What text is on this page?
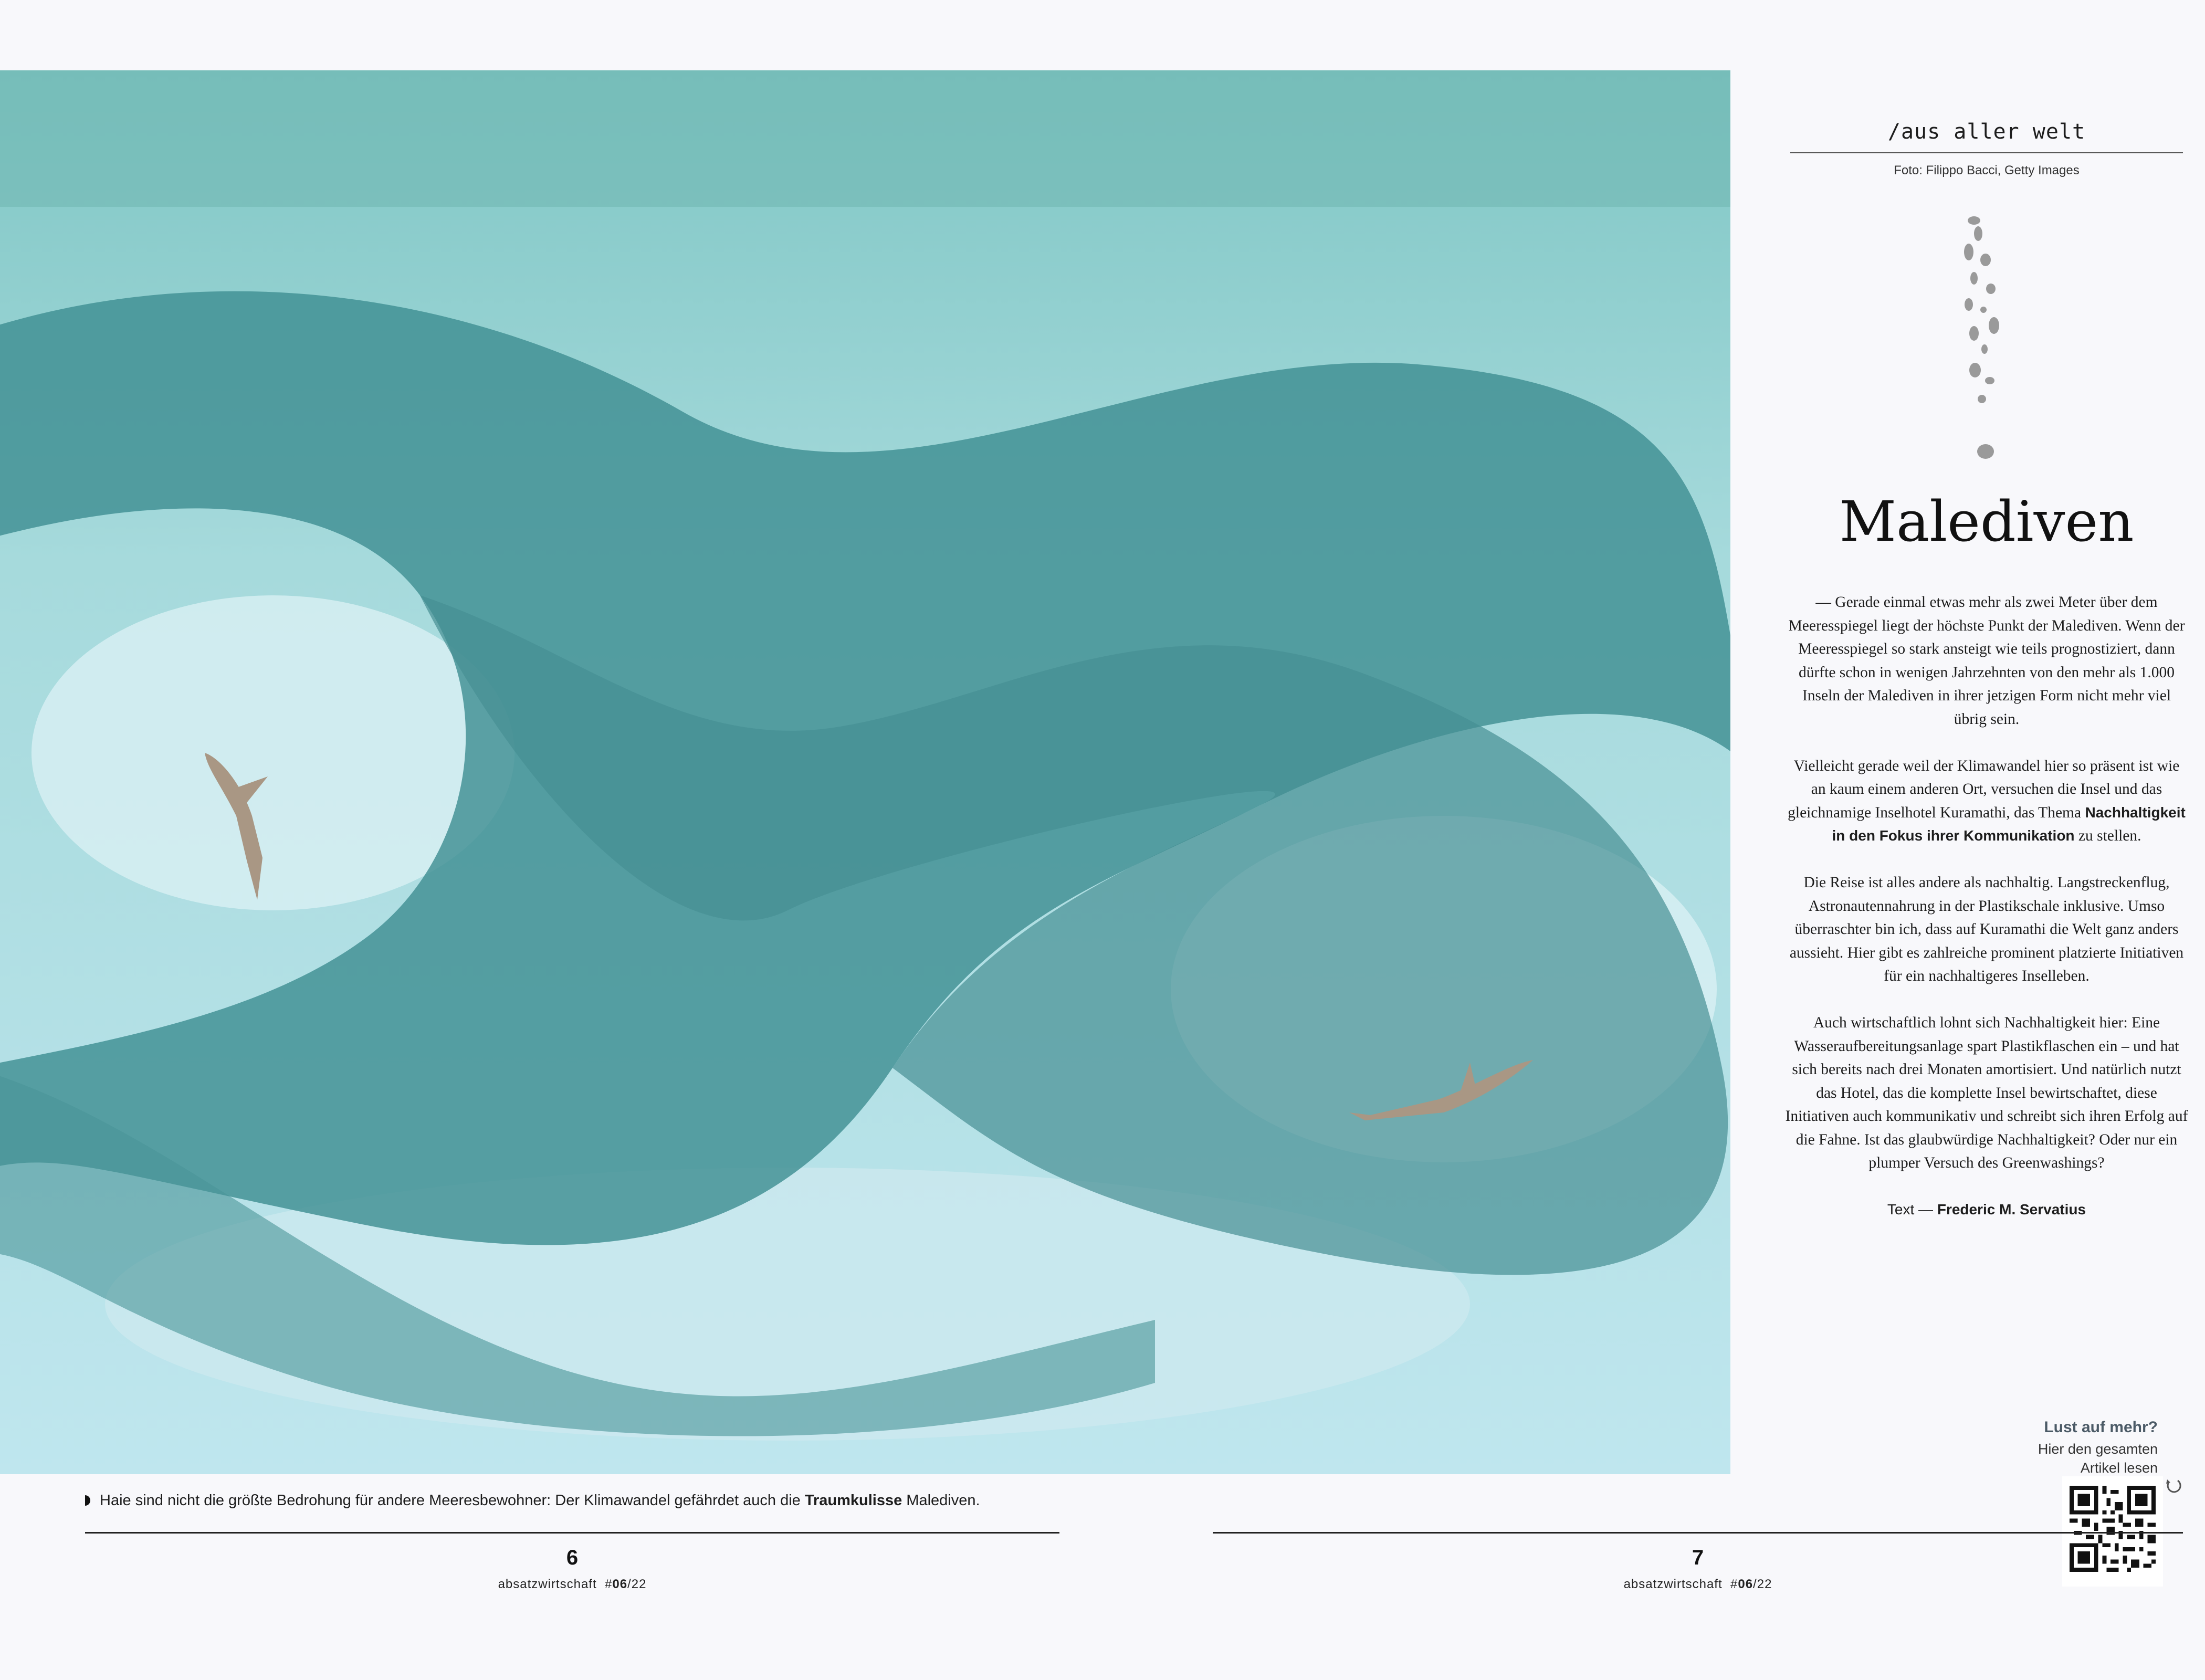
/aus aller welt
Foto: Filippo Bacci, Getty Images
Malediven

— Gerade einmal etwas mehr als zwei Meter über dem Meeresspiegel liegt der höchste Punkt der Malediven. Wenn der Meeresspiegel so stark ansteigt wie teils prognostiziert, dann dürfte schon in wenigen Jahrzehnten von den mehr als 1.000 Inseln der Malediven in ihrer jetzigen Form nicht mehr viel übrig sein.

Vielleicht gerade weil der Klimawandel hier so präsent ist wie an kaum einem anderen Ort, versuchen die Insel und das gleichnamige Inselhotel Kuramathi, das Thema Nachhaltigkeit in den Fokus ihrer Kommunikation zu stellen.

Die Reise ist alles andere als nachhaltig. Langstreckenflug, Astronautennahrung in der Plastikschale inklusive. Umso überraschter bin ich, dass auf Kuramathi die Welt ganz anders aussieht. Hier gibt es zahlreiche prominent platzierte Initiativen für ein nachhaltigeres Inselleben.

Auch wirtschaftlich lohnt sich Nachhaltigkeit hier: Eine Wasseraufbereitungsanlage spart Plastikflaschen ein – und hat sich bereits nach drei Monaten amortisiert. Und natürlich nutzt das Hotel, das die komplette Insel bewirtschaftet, diese Initiativen auch kommunikativ und schreibt sich ihren Erfolg auf die Fahne. Ist das glaubwürdige Nachhaltigkeit? Oder nur ein plumper Versuch des Greenwashings?

Text — Frederic M. Servatius

Lust auf mehr?
Hier den gesamten
Artikel lesen
Haie sind nicht die größte Bedrohung für andere Meeresbewohner: Der Klimawandel gefährdet auch die Traumkulisse Malediven.
6
absatzwirtschaft #06/22
7
absatzwirtschaft #06/22
